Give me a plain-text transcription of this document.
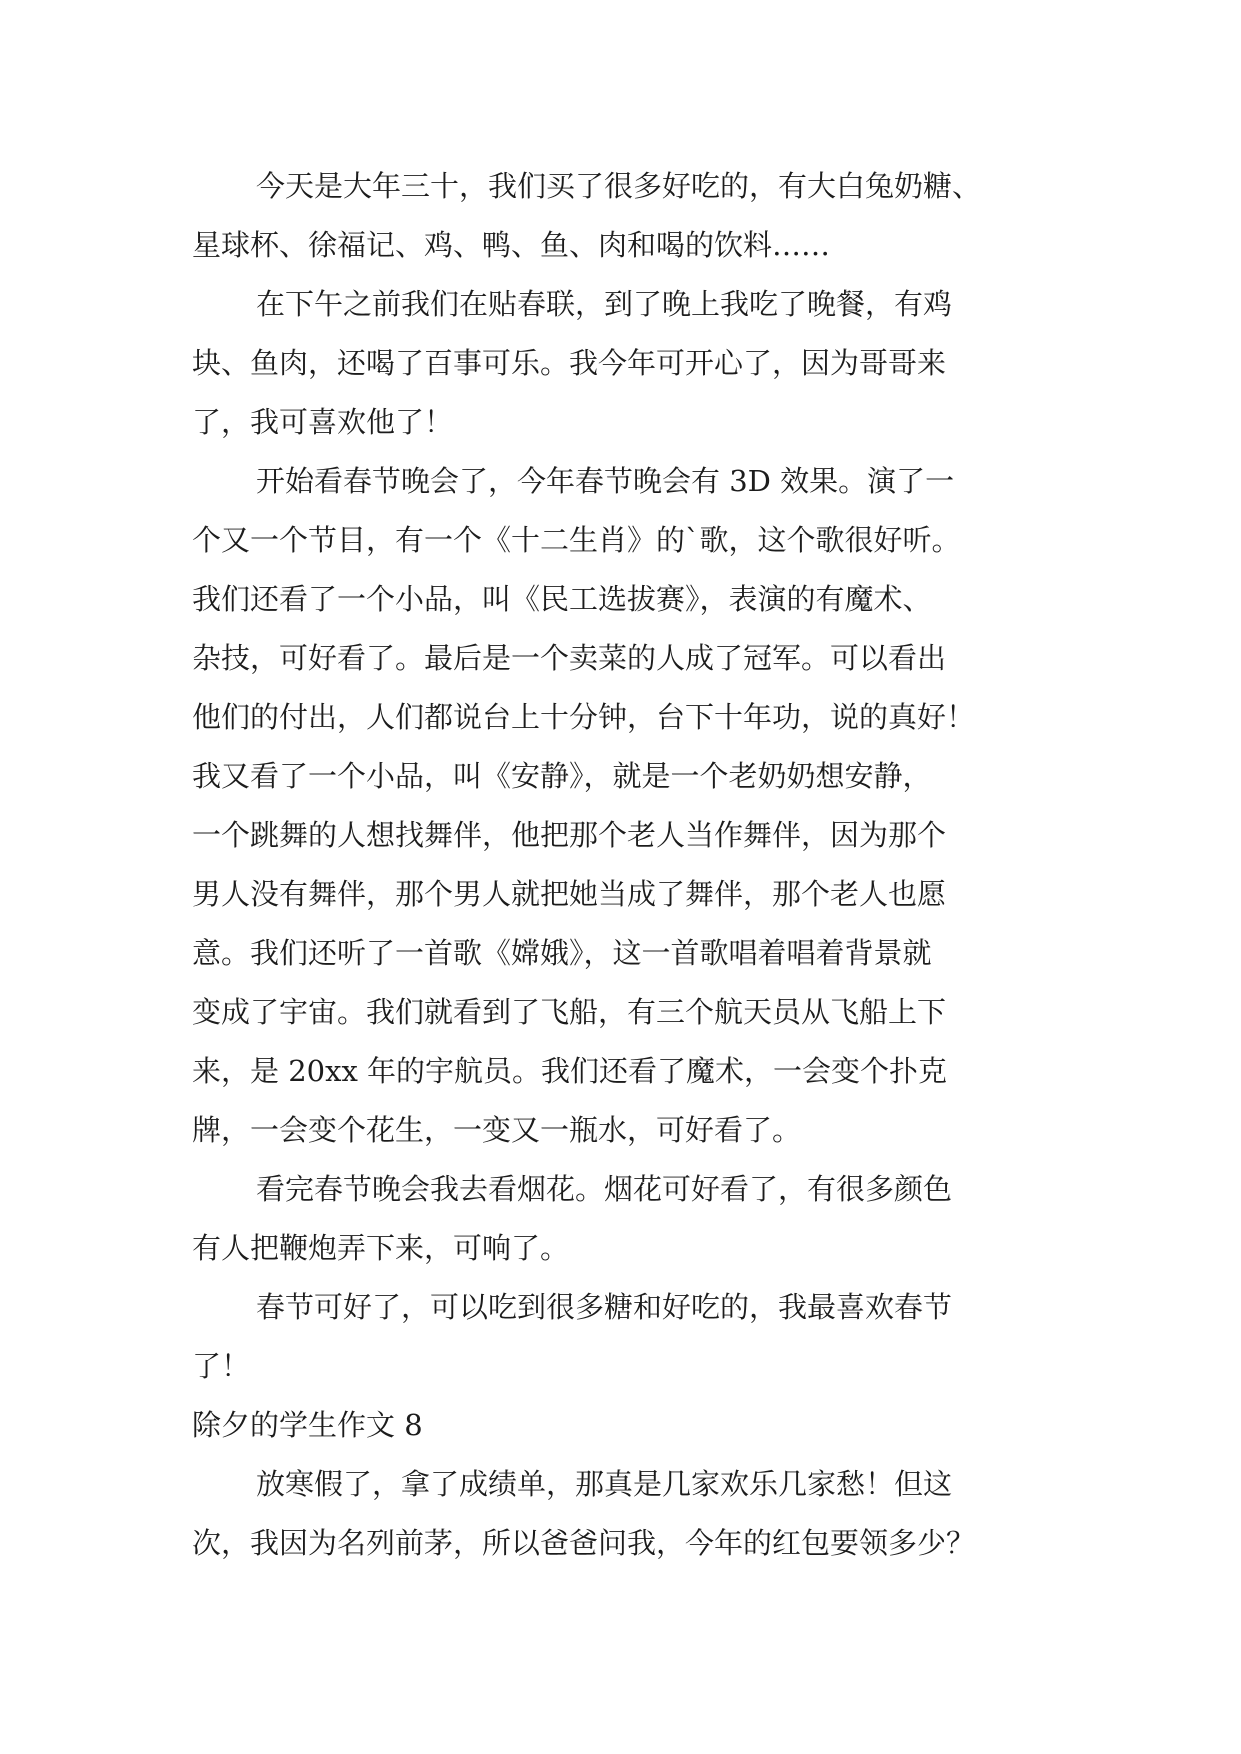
今天是大年三十，我们买了很多好吃的，有大白兔奶糖、
星球杯、徐福记、鸡、鸭、鱼、肉和喝的饮料……
在下午之前我们在贴春联，到了晚上我吃了晚餐，有鸡
块、鱼肉，还喝了百事可乐。我今年可开心了，因为哥哥来
了，我可喜欢他了！
开始看春节晚会了，今年春节晚会有 3D 效果。演了一
个又一个节目，有一个《十二生肖》的`歌，这个歌很好听。
我们还看了一个小品，叫《民工选拔赛》，表演的有魔术、
杂技，可好看了。最后是一个卖菜的人成了冠军。可以看出
他们的付出，人们都说台上十分钟，台下十年功，说的真好！
我又看了一个小品，叫《安静》，就是一个老奶奶想安静，
一个跳舞的人想找舞伴，他把那个老人当作舞伴，因为那个
男人没有舞伴，那个男人就把她当成了舞伴，那个老人也愿
意。我们还听了一首歌《嫦娥》，这一首歌唱着唱着背景就
变成了宇宙。我们就看到了飞船，有三个航天员从飞船上下
来，是 20xx 年的宇航员。我们还看了魔术，一会变个扑克
牌，一会变个花生，一变又一瓶水，可好看了。
看完春节晚会我去看烟花。烟花可好看了，有很多颜色
有人把鞭炮弄下来，可响了。
春节可好了，可以吃到很多糖和好吃的，我最喜欢春节
了！
除夕的学生作文 8
放寒假了，拿了成绩单，那真是几家欢乐几家愁！但这
次，我因为名列前茅，所以爸爸问我，今年的红包要领多少？
